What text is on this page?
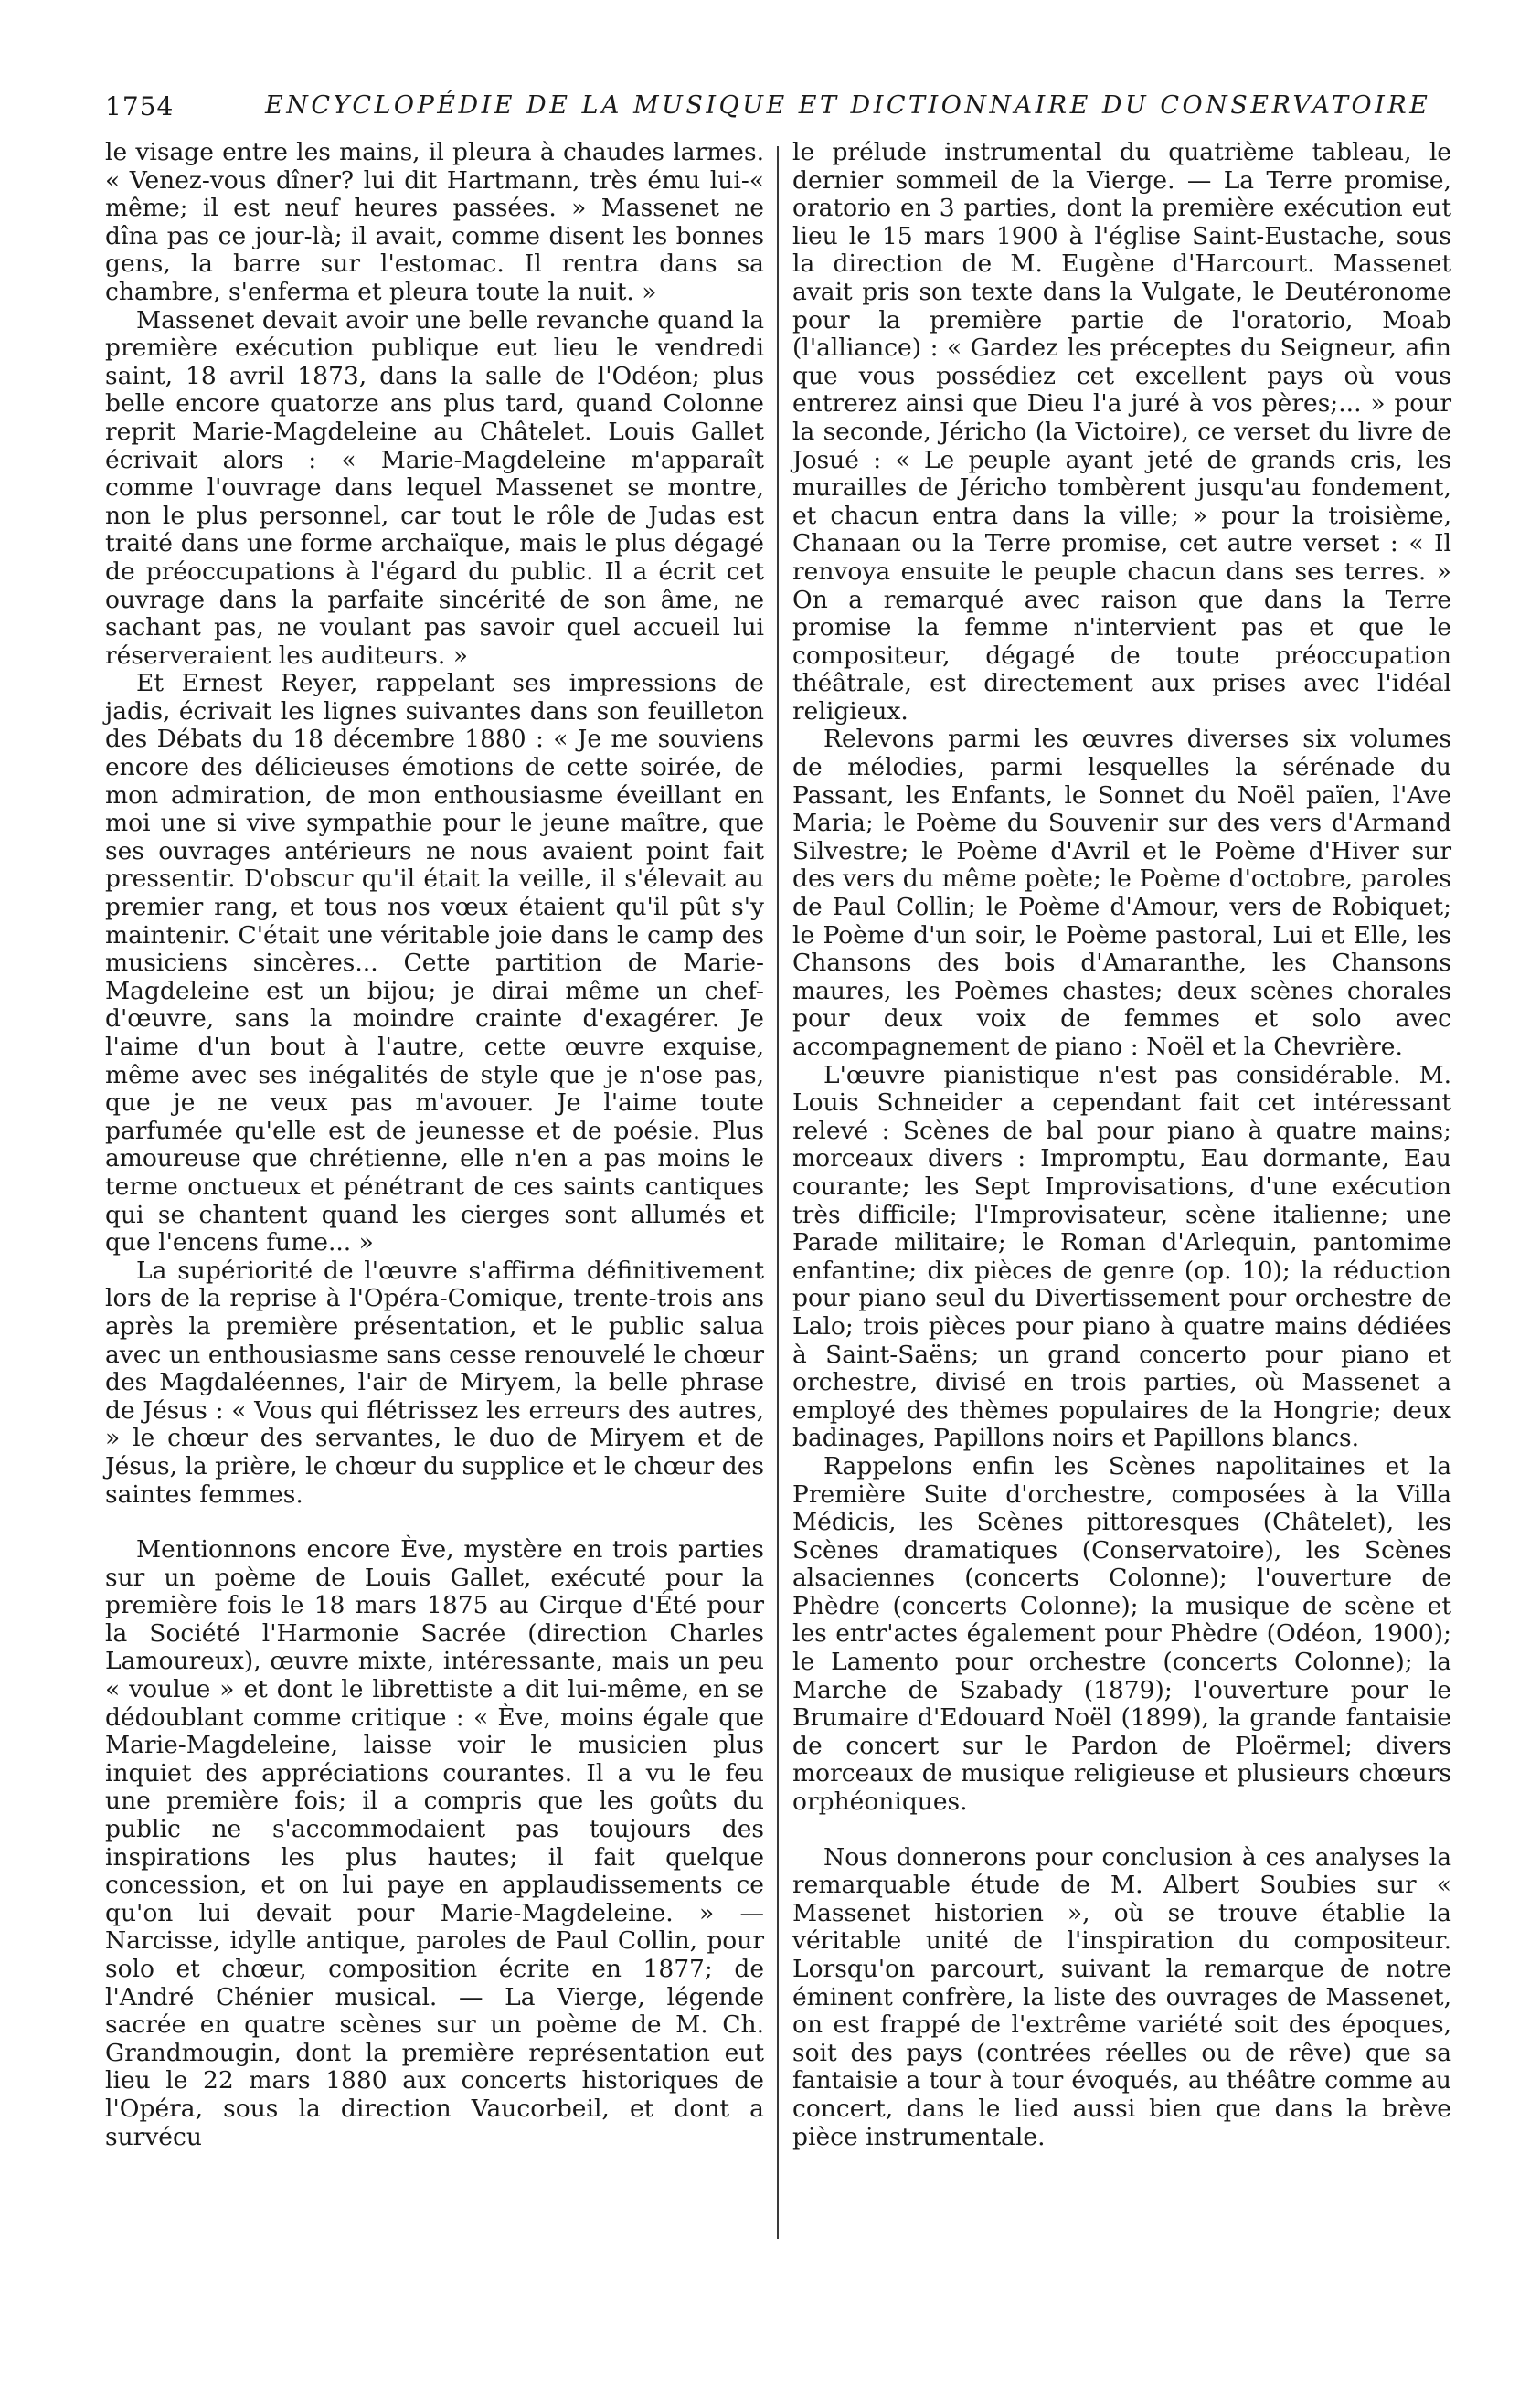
1754	ENCYCLOPÉDIE DE LA MUSIQUE ET DICTIONNAIRE DU CONSERVATOIRE

le visage entre les mains, il pleura à chaudes larmes. « Venez-vous dîner? lui dit Hartmann, très ému lui-« même; il est neuf heures passées. » Massenet ne dîna pas ce jour-là; il avait, comme disent les bonnes gens, la barre sur l'estomac. Il rentra dans sa chambre, s'enferma et pleura toute la nuit. »

Massenet devait avoir une belle revanche quand la première exécution publique eut lieu le vendredi saint, 18 avril 1873, dans la salle de l'Odéon; plus belle encore quatorze ans plus tard, quand Colonne reprit Marie-Magdeleine au Châtelet. Louis Gallet écrivait alors : « Marie-Magdeleine m'apparaît comme l'ouvrage dans lequel Massenet se montre, non le plus personnel, car tout le rôle de Judas est traité dans une forme archaïque, mais le plus dégagé de préoccupations à l'égard du public. Il a écrit cet ouvrage dans la parfaite sincérité de son âme, ne sachant pas, ne voulant pas savoir quel accueil lui réserveraient les auditeurs. »

Et Ernest Reyer, rappelant ses impressions de jadis, écrivait les lignes suivantes dans son feuilleton des Débats du 18 décembre 1880 : « Je me souviens encore des délicieuses émotions de cette soirée, de mon admiration, de mon enthousiasme éveillant en moi une si vive sympathie pour le jeune maître, que ses ouvrages antérieurs ne nous avaient point fait pressentir. D'obscur qu'il était la veille, il s'élevait au premier rang, et tous nos vœux étaient qu'il pût s'y maintenir. C'était une véritable joie dans le camp des musiciens sincères... Cette partition de Marie-Magdeleine est un bijou; je dirai même un chef-d'œuvre, sans la moindre crainte d'exagérer. Je l'aime d'un bout à l'autre, cette œuvre exquise, même avec ses inégalités de style que je n'ose pas, que je ne veux pas m'avouer. Je l'aime toute parfumée qu'elle est de jeunesse et de poésie. Plus amoureuse que chrétienne, elle n'en a pas moins le terme onctueux et pénétrant de ces saints cantiques qui se chantent quand les cierges sont allumés et que l'encens fume... »

La supériorité de l'œuvre s'affirma définitivement lors de la reprise à l'Opéra-Comique, trente-trois ans après la première présentation, et le public salua avec un enthousiasme sans cesse renouvelé le chœur des Magdaléennes, l'air de Miryem, la belle phrase de Jésus : « Vous qui flétrissez les erreurs des autres, » le chœur des servantes, le duo de Miryem et de Jésus, la prière, le chœur du supplice et le chœur des saintes femmes.

Mentionnons encore Ève, mystère en trois parties sur un poème de Louis Gallet, exécuté pour la première fois le 18 mars 1875 au Cirque d'Été pour la Société l'Harmonie Sacrée (direction Charles Lamoureux), œuvre mixte, intéressante, mais un peu « voulue » et dont le librettiste a dit lui-même, en se dédoublant comme critique : « Ève, moins égale que Marie-Magdeleine, laisse voir le musicien plus inquiet des appréciations courantes. Il a vu le feu une première fois; il a compris que les goûts du public ne s'accommodaient pas toujours des inspirations les plus hautes; il fait quelque concession, et on lui paye en applaudissements ce qu'on lui devait pour Marie-Magdeleine. » — Narcisse, idylle antique, paroles de Paul Collin, pour solo et chœur, composition écrite en 1877; de l'André Chénier musical. — La Vierge, légende sacrée en quatre scènes sur un poème de M. Ch. Grandmougin, dont la première représentation eut lieu le 22 mars 1880 aux concerts historiques de l'Opéra, sous la direction Vaucorbeil, et dont a survécu

le prélude instrumental du quatrième tableau, le dernier sommeil de la Vierge. — La Terre promise, oratorio en 3 parties, dont la première exécution eut lieu le 15 mars 1900 à l'église Saint-Eustache, sous la direction de M. Eugène d'Harcourt. Massenet avait pris son texte dans la Vulgate, le Deutéronome pour la première partie de l'oratorio, Moab (l'alliance) : « Gardez les préceptes du Seigneur, afin que vous possédiez cet excellent pays où vous entrerez ainsi que Dieu l'a juré à vos pères;... » pour la seconde, Jéricho (la Victoire), ce verset du livre de Josué : « Le peuple ayant jeté de grands cris, les murailles de Jéricho tombèrent jusqu'au fondement, et chacun entra dans la ville; » pour la troisième, Chanaan ou la Terre promise, cet autre verset : « Il renvoya ensuite le peuple chacun dans ses terres. » On a remarqué avec raison que dans la Terre promise la femme n'intervient pas et que le compositeur, dégagé de toute préoccupation théâtrale, est directement aux prises avec l'idéal religieux.

Relevons parmi les œuvres diverses six volumes de mélodies, parmi lesquelles la sérénade du Passant, les Enfants, le Sonnet du Noël païen, l'Ave Maria; le Poème du Souvenir sur des vers d'Armand Silvestre; le Poème d'Avril et le Poème d'Hiver sur des vers du même poète; le Poème d'octobre, paroles de Paul Collin; le Poème d'Amour, vers de Robiquet; le Poème d'un soir, le Poème pastoral, Lui et Elle, les Chansons des bois d'Amaranthe, les Chansons maures, les Poèmes chastes; deux scènes chorales pour deux voix de femmes et solo avec accompagnement de piano : Noël et la Chevrière.

L'œuvre pianistique n'est pas considérable. M. Louis Schneider a cependant fait cet intéressant relevé : Scènes de bal pour piano à quatre mains; morceaux divers : Impromptu, Eau dormante, Eau courante; les Sept Improvisations, d'une exécution très difficile; l'Improvisateur, scène italienne; une Parade militaire; le Roman d'Arlequin, pantomime enfantine; dix pièces de genre (op. 10); la réduction pour piano seul du Divertissement pour orchestre de Lalo; trois pièces pour piano à quatre mains dédiées à Saint-Saëns; un grand concerto pour piano et orchestre, divisé en trois parties, où Massenet a employé des thèmes populaires de la Hongrie; deux badinages, Papillons noirs et Papillons blancs.

Rappelons enfin les Scènes napolitaines et la Première Suite d'orchestre, composées à la Villa Médicis, les Scènes pittoresques (Châtelet), les Scènes dramatiques (Conservatoire), les Scènes alsaciennes (concerts Colonne); l'ouverture de Phèdre (concerts Colonne); la musique de scène et les entr'actes également pour Phèdre (Odéon, 1900); le Lamento pour orchestre (concerts Colonne); la Marche de Szabady (1879); l'ouverture pour le Brumaire d'Edouard Noël (1899), la grande fantaisie de concert sur le Pardon de Ploërmel; divers morceaux de musique religieuse et plusieurs chœurs orphéoniques.

Nous donnerons pour conclusion à ces analyses la remarquable étude de M. Albert Soubies sur « Massenet historien », où se trouve établie la véritable unité de l'inspiration du compositeur. Lorsqu'on parcourt, suivant la remarque de notre éminent confrère, la liste des ouvrages de Massenet, on est frappé de l'extrême variété soit des époques, soit des pays (contrées réelles ou de rêve) que sa fantaisie a tour à tour évoqués, au théâtre comme au concert, dans le lied aussi bien que dans la brève pièce instrumentale.
